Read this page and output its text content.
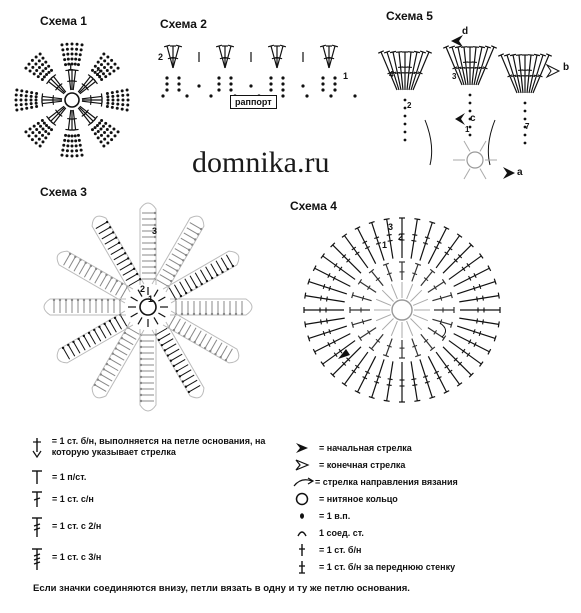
Схема 1	Схема 2
Схема 5
Схема 3
Схема 4
domnika.ru
1
2
раппорт
2
1
d
b
c
a
4	3
2
1	7
3
2
1
3
2
1
= 1 ст. б/н, выполняется на петле основания, на которую указывает стрелка
= 1 п/ст.
= 1 ст. с/н
= 1 ст. с 2/н
= 1 ст. с 3/н
= начальная стрелка
= конечная стрелка
= стрелка направления вязания
= нитяное кольцо
= 1 в.п.
1 соед. ст.
= 1 ст. б/н
= 1 ст. б/н за переднюю стенку
Если значки соединяются внизу, петли вязать в одну и ту же петлю основания.
